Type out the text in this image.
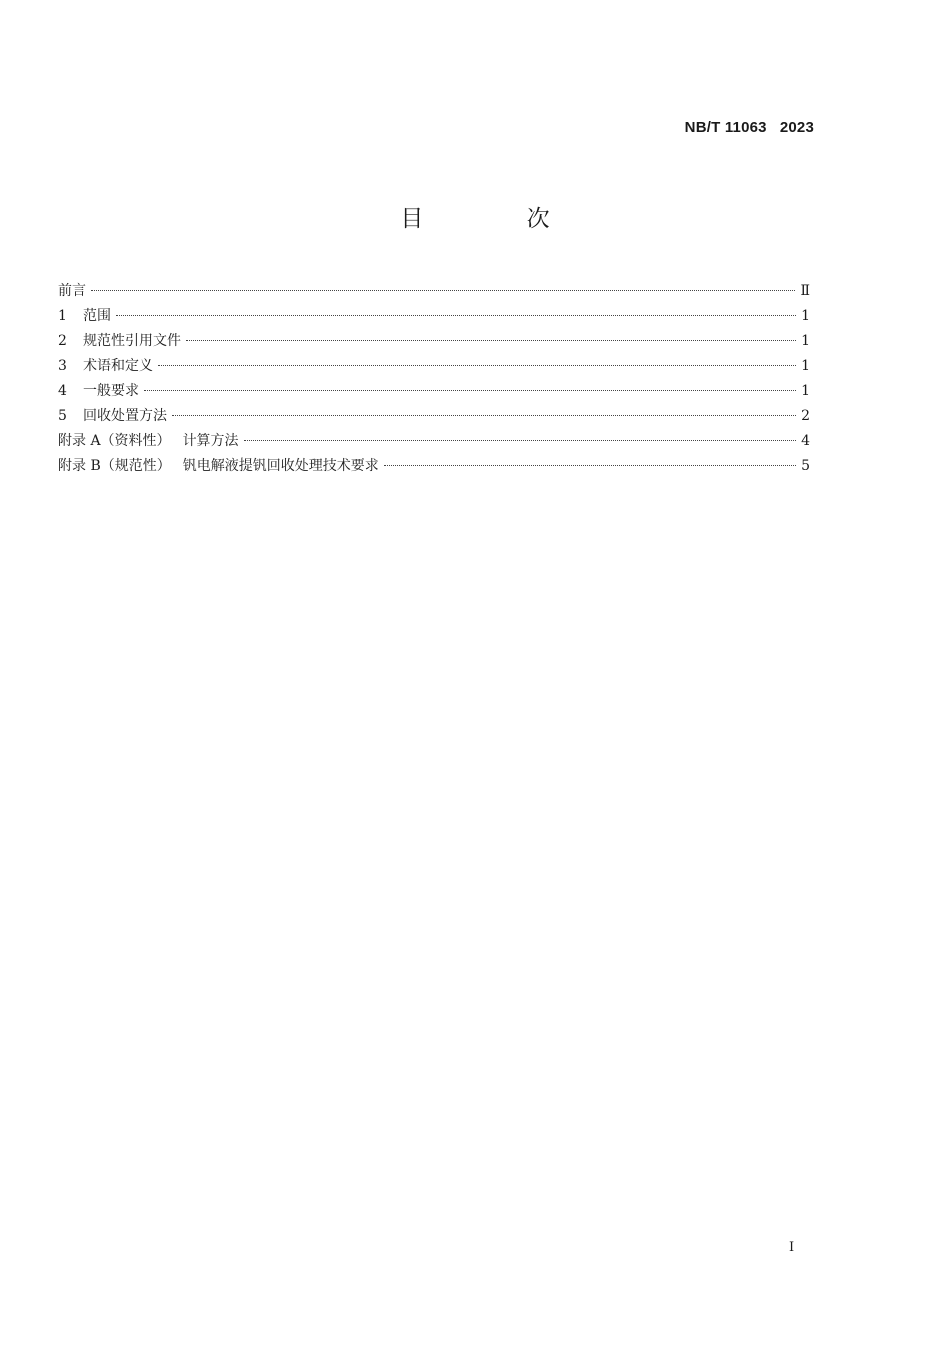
NB/T 11063   2023
目 次
前言	Ⅱ
1	范围	1
2	规范性引用文件	1
3	术语和定义	1
4	一般要求	1
5	回收处置方法	2
附录 A（资料性） 计算方法	4
附录 B（规范性） 钒电解液提钒回收处理技术要求	5
I
